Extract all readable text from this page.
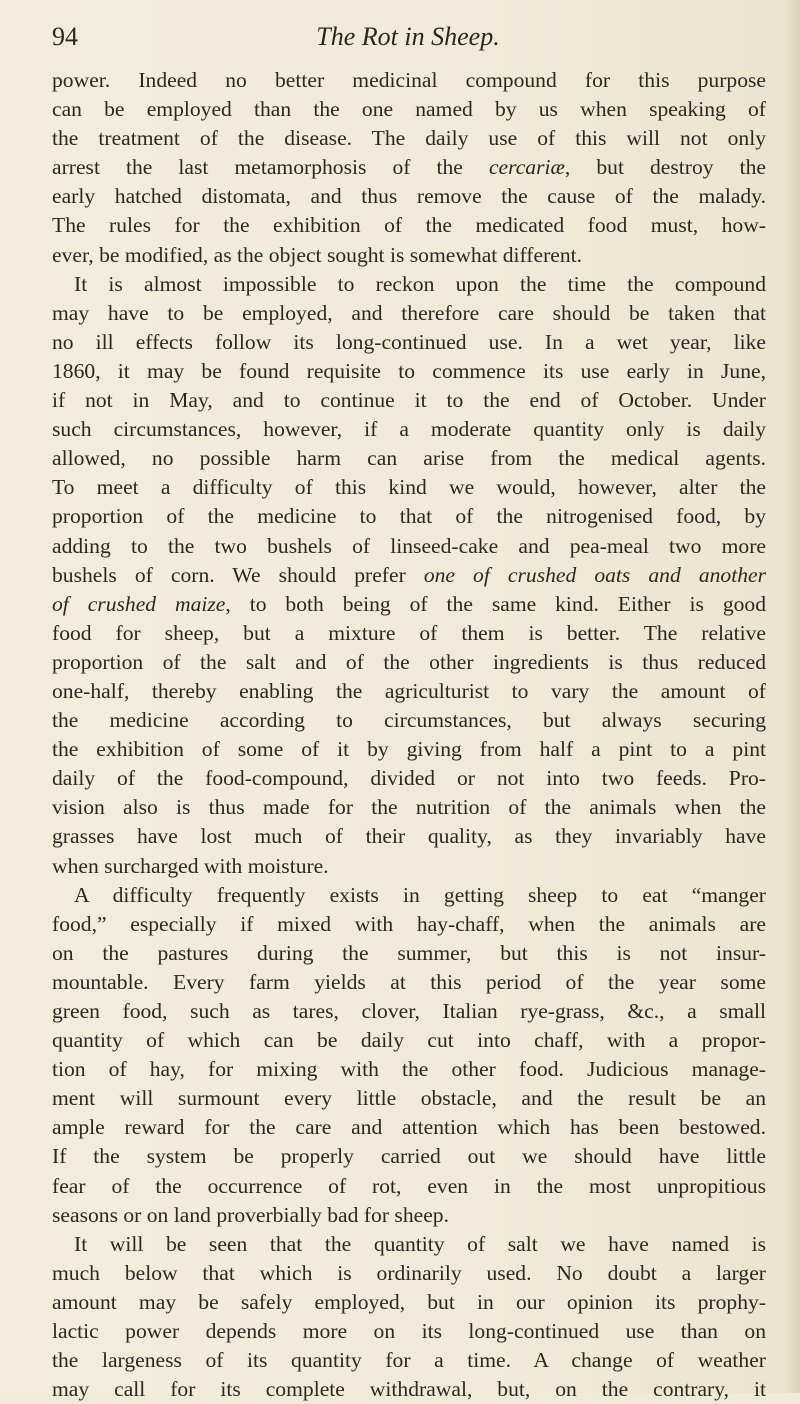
94	The Rot in Sheep.
power. Indeed no better medicinal compound for this purpose
can be employed than the one named by us when speaking of
the treatment of the disease. The daily use of this will not only
arrest the last metamorphosis of the cercariæ, but destroy the
early hatched distomata, and thus remove the cause of the malady.
The rules for the exhibition of the medicated food must, how-
ever, be modified, as the object sought is somewhat different.
It is almost impossible to reckon upon the time the compound
may have to be employed, and therefore care should be taken that
no ill effects follow its long-continued use. In a wet year, like
1860, it may be found requisite to commence its use early in June,
if not in May, and to continue it to the end of October. Under
such circumstances, however, if a moderate quantity only is daily
allowed, no possible harm can arise from the medical agents.
To meet a difficulty of this kind we would, however, alter the
proportion of the medicine to that of the nitrogenised food, by
adding to the two bushels of linseed-cake and pea-meal two more
bushels of corn. We should prefer one of crushed oats and another
of crushed maize, to both being of the same kind. Either is good
food for sheep, but a mixture of them is better. The relative
proportion of the salt and of the other ingredients is thus reduced
one-half, thereby enabling the agriculturist to vary the amount of
the medicine according to circumstances, but always securing
the exhibition of some of it by giving from half a pint to a pint
daily of the food-compound, divided or not into two feeds. Pro-
vision also is thus made for the nutrition of the animals when the
grasses have lost much of their quality, as they invariably have
when surcharged with moisture.
A difficulty frequently exists in getting sheep to eat “manger
food,” especially if mixed with hay-chaff, when the animals are
on the pastures during the summer, but this is not insur-
mountable. Every farm yields at this period of the year some
green food, such as tares, clover, Italian rye-grass, &c., a small
quantity of which can be daily cut into chaff, with a propor-
tion of hay, for mixing with the other food. Judicious manage-
ment will surmount every little obstacle, and the result be an
ample reward for the care and attention which has been bestowed.
If the system be properly carried out we should have little
fear of the occurrence of rot, even in the most unpropitious
seasons or on land proverbially bad for sheep.
It will be seen that the quantity of salt we have named is
much below that which is ordinarily used. No doubt a larger
amount may be safely employed, but in our opinion its prophy-
lactic power depends more on its long-continued use than on
the largeness of its quantity for a time. A change of weather
may call for its complete withdrawal, but, on the contrary, it
